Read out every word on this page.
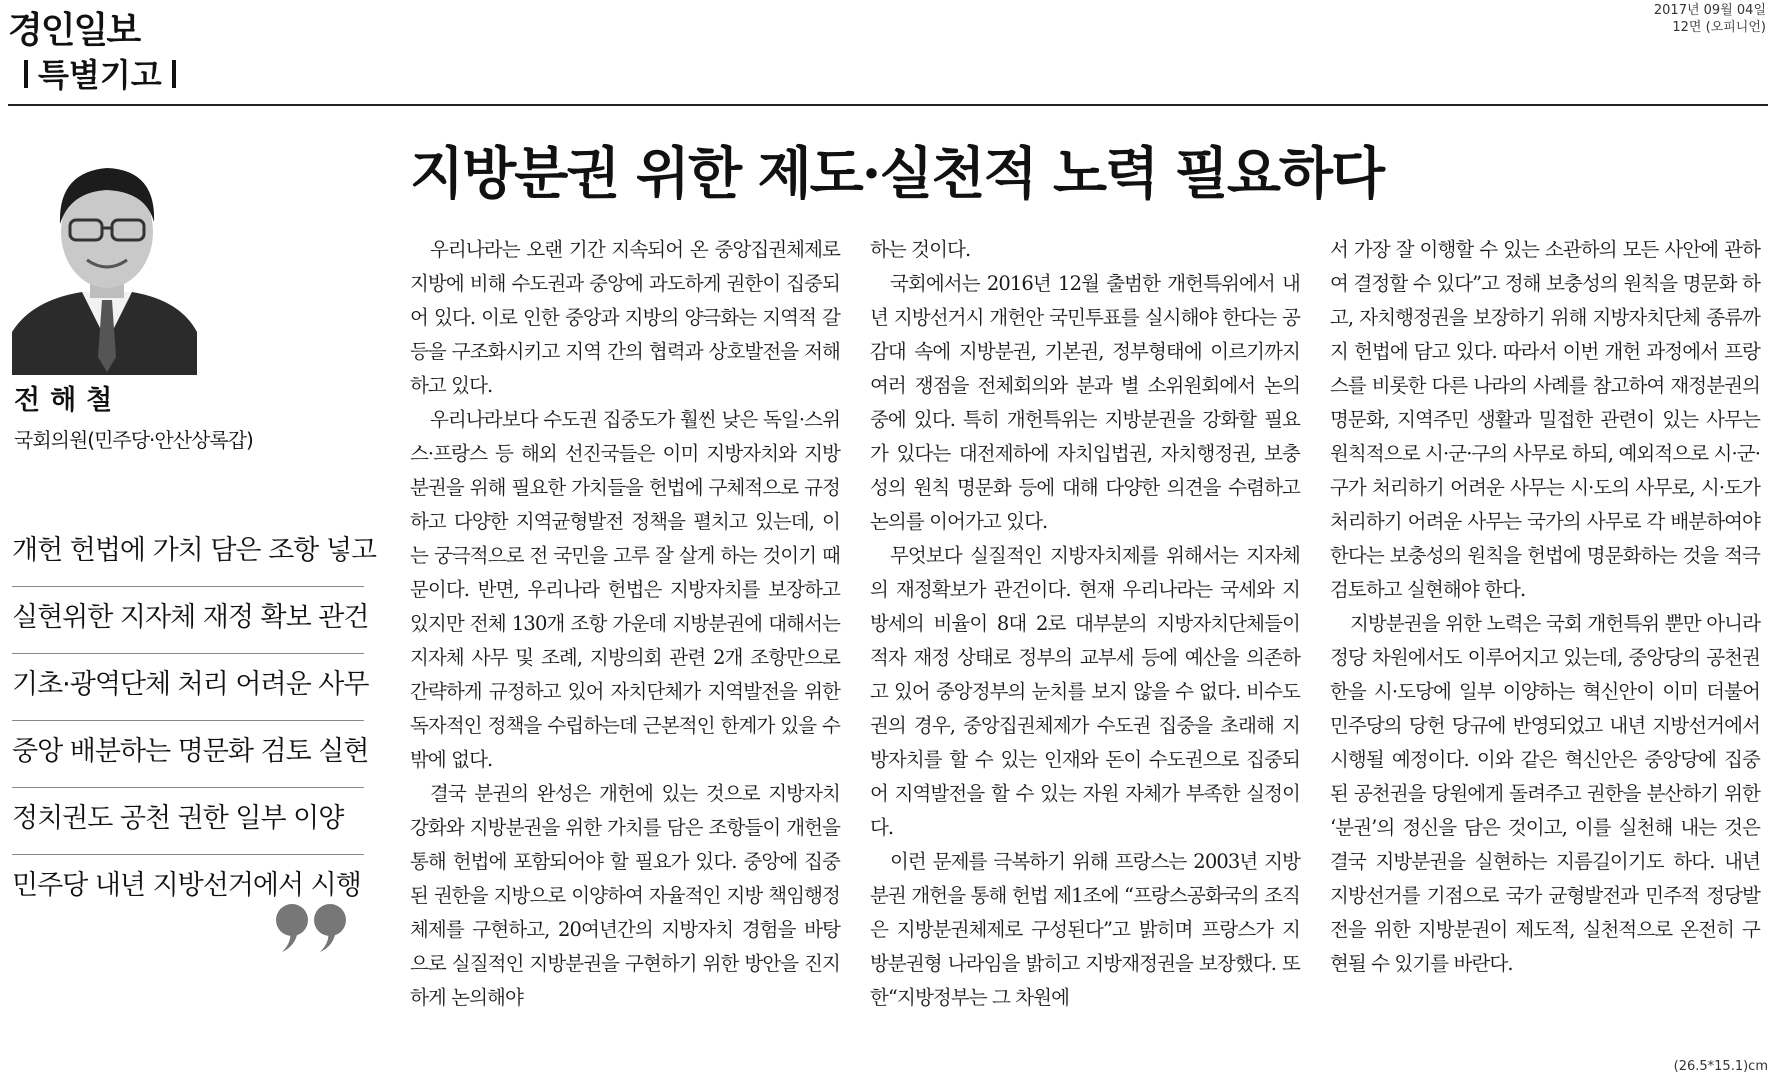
경인일보
특별기고
2017년 09월 04일
12면 (오피니언)
전해철
국회의원(민주당·안산상록갑)
개헌 헌법에 가치 담은 조항 넣고
실현위한 지자체 재정 확보 관건
기초·광역단체 처리 어려운 사무
중앙 배분하는 명문화 검토 실현
정치권도 공천 권한 일부 이양
민주당 내년 지방선거에서 시행
지방분권 위한 제도·실천적 노력 필요하다

우리나라는 오랜 기간 지속되어 온 중앙집권체제로 지방에 비해 수도권과 중앙에 과도하게 권한이 집중되어 있다. 이로 인한 중앙과 지방의 양극화는 지역적 갈등을 구조화시키고 지역 간의 협력과 상호발전을 저해하고 있다.

우리나라보다 수도권 집중도가 훨씬 낮은 독일·스위스·프랑스 등 해외 선진국들은 이미 지방자치와 지방분권을 위해 필요한 가치들을 헌법에 구체적으로 규정하고 다양한 지역균형발전 정책을 펼치고 있는데, 이는 궁극적으로 전 국민을 고루 잘 살게 하는 것이기 때문이다. 반면, 우리나라 헌법은 지방자치를 보장하고 있지만 전체 130개 조항 가운데 지방분권에 대해서는 지자체 사무 및 조례, 지방의회 관련 2개 조항만으로 간략하게 규정하고 있어 자치단체가 지역발전을 위한 독자적인 정책을 수립하는데 근본적인 한계가 있을 수 밖에 없다.

결국 분권의 완성은 개헌에 있는 것으로 지방자치 강화와 지방분권을 위한 가치를 담은 조항들이 개헌을 통해 헌법에 포함되어야 할 필요가 있다. 중앙에 집중된 권한을 지방으로 이양하여 자율적인 지방 책임행정체제를 구현하고, 20여년간의 지방자치 경험을 바탕으로 실질적인 지방분권을 구현하기 위한 방안을 진지하게 논의해야

하는 것이다.

국회에서는 2016년 12월 출범한 개헌특위에서 내년 지방선거시 개헌안 국민투표를 실시해야 한다는 공감대 속에 지방분권, 기본권, 정부형태에 이르기까지 여러 쟁점을 전체회의와 분과 별 소위원회에서 논의 중에 있다. 특히 개헌특위는 지방분권을 강화할 필요가 있다는 대전제하에 자치입법권, 자치행정권, 보충성의 원칙 명문화 등에 대해 다양한 의견을 수렴하고 논의를 이어가고 있다.

무엇보다 실질적인 지방자치제를 위해서는 지자체의 재정확보가 관건이다. 현재 우리나라는 국세와 지방세의 비율이 8대 2로 대부분의 지방자치단체들이 적자 재정 상태로 정부의 교부세 등에 예산을 의존하고 있어 중앙정부의 눈치를 보지 않을 수 없다. 비수도권의 경우, 중앙집권체제가 수도권 집중을 초래해 지방자치를 할 수 있는 인재와 돈이 수도권으로 집중되어 지역발전을 할 수 있는 자원 자체가 부족한 실정이다.

이런 문제를 극복하기 위해 프랑스는 2003년 지방분권 개헌을 통해 헌법 제1조에 “프랑스공화국의 조직은 지방분권체제로 구성된다”고 밝히며 프랑스가 지방분권형 나라임을 밝히고 지방재정권을 보장했다. 또한“지방정부는 그 차원에

서 가장 잘 이행할 수 있는 소관하의 모든 사안에 관하여 결정할 수 있다”고 정해 보충성의 원칙을 명문화 하고, 자치행정권을 보장하기 위해 지방자치단체 종류까지 헌법에 담고 있다. 따라서 이번 개헌 과정에서 프랑스를 비롯한 다른 나라의 사례를 참고하여 재정분권의 명문화, 지역주민 생활과 밀접한 관련이 있는 사무는 원칙적으로 시·군·구의 사무로 하되, 예외적으로 시·군·구가 처리하기 어려운 사무는 시·도의 사무로, 시·도가 처리하기 어려운 사무는 국가의 사무로 각 배분하여야 한다는 보충성의 원칙을 헌법에 명문화하는 것을 적극 검토하고 실현해야 한다.

지방분권을 위한 노력은 국회 개헌특위 뿐만 아니라 정당 차원에서도 이루어지고 있는데, 중앙당의 공천권한을 시·도당에 일부 이양하는 혁신안이 이미 더불어민주당의 당헌 당규에 반영되었고 내년 지방선거에서 시행될 예정이다. 이와 같은 혁신안은 중앙당에 집중된 공천권을 당원에게 돌려주고 권한을 분산하기 위한 ‘분권’의 정신을 담은 것이고, 이를 실천해 내는 것은 결국 지방분권을 실현하는 지름길이기도 하다. 내년 지방선거를 기점으로 국가 균형발전과 민주적 정당발전을 위한 지방분권이 제도적, 실천적으로 온전히 구현될 수 있기를 바란다.

(26.5*15.1)cm
